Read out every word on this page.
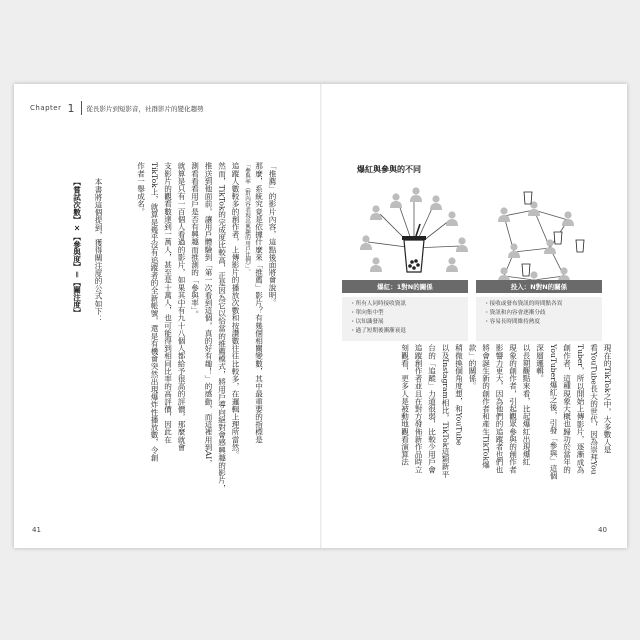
Chapter 1 從長影片到短影音，社群影片的變化趨勢
「推薦」的影片內容，這點後面將會說明。
那麼，系統究竟是依據什麼來「推薦」影片？有幾個相關變數，其中最重要的指標是
「參與率（對內容表現出興趣的用戶比例）」。
追蹤人數較多的創作者，上傳影片的播放次數和按讚數往往比較多，在邏輯上理所當然。
然而，TikTok的完成度比較高，正是因為它以恰當的推薦模式，將用戶導向絕對會感興趣的影片，
推送到他面前，讓用戶體驗到「第一次看到這個，真的好有趣！」的感動，而這裡用到AI，
測看看看用戶是否有興趣而推測的「參與率」。
就算是只有一百個人看過的影片，如果其中有九十八個人都給予很高的評價，那麼就會
支影片的觀看數達到一萬人，甚至是十萬人，也可能得到相同比率的高評價，因此在
TikTok上，就算是幾乎沒有追蹤者的全新帳號，還是有機會突然出現爆炸性播放數，令創
作者一舉成名。
本書將這個提到，獲得關注度的公式如下：
【嘗試次數】×【參與度】＝【關注度】
41
現在的TikTok之中，大多數人是
看YouTube長大的世代，因為崇拜You
Tuber，所以開始上傳影片，逐漸成為
創作者，這種現象大概也歸功於當年的
YouTuber爆紅之後，引發「參與」這個
深層邏輯。
以長期觀點來看，比起爆紅出現爆紅
現象的創作者，引起觀眾參與的創作者
影響力更大，因為他們的追蹤者也們也
將會誕生新的創作者和產生TikTok爆
款」的關係。
稍微換個角度想，和YouTube
以及Instagram相比，TikTok這類新平
台的「追蹤」力道很弱，比較少用戶會
追蹤創作者並且在對方發佈新作品時立
刻觀看，更多人是被動地觀看演算法
40
爆紅與參與的不同
爆紅：1對N的關係	投入：N對N的關係
・所有人同時接收資訊
・單向集中型
・以知識發展
・過了短期後漸漸衰退
・接收或發布資訊的時間點各異
・資訊和內容會逐漸分歧
・容易長時間維持熱度
